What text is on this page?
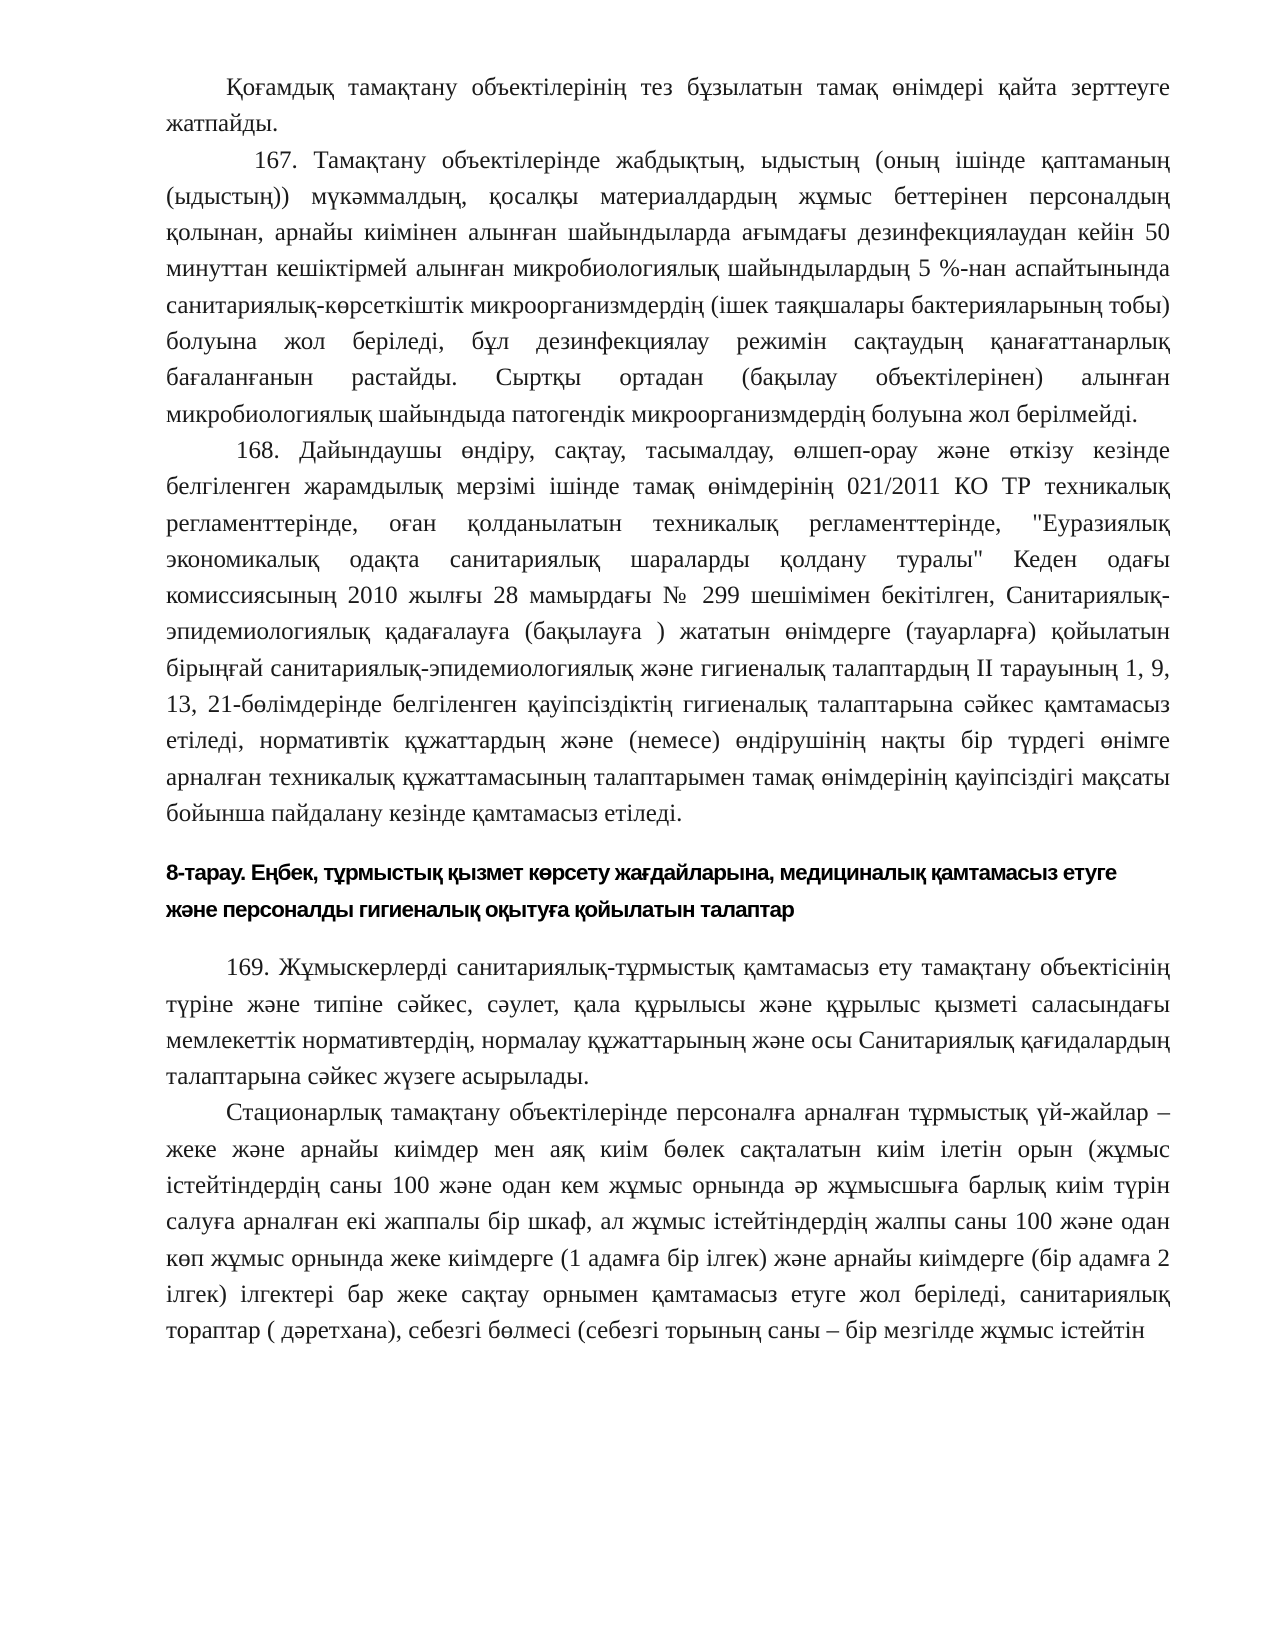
Қоғамдық тамақтану объектілерінің тез бұзылатын тамақ өнімдері қайта зерттеуге жатпайды.

167. Тамақтану объектілерінде жабдықтың, ыдыстың (оның ішінде қаптаманың (ыдыстың)) мүкәммалдың, қосалқы материалдардың жұмыс беттерінен персоналдың қолынан, арнайы киімінен алынған шайындыларда ағымдағы дезинфекциялаудан кейін 50 минуттан кешіктірмей алынған микробиологиялық шайындылардың 5 %-нан аспайтынында санитариялық-көрсеткіштік микроорганизмдердің (ішек таяқшалары бактерияларының тобы) болуына жол беріледі, бұл дезинфекциялау режимін сақтаудың қанағаттанарлық бағаланғанын растайды. Сыртқы ортадан (бақылау объектілерінен) алынған микробиологиялық шайындыда патогендік микроорганизмдердің болуына жол берілмейді.

168. Дайындаушы өндіру, сақтау, тасымалдау, өлшеп-орау және өткізу кезінде белгіленген жарамдылық мерзімі ішінде тамақ өнімдерінің 021/2011 КО ТР техникалық регламенттерінде, оған қолданылатын техникалық регламенттерінде, "Еуразиялық экономикалық одақта санитариялық шараларды қолдану туралы" Кеден одағы комиссиясының 2010 жылғы 28 мамырдағы № 299 шешімімен бекітілген, Санитариялық-эпидемиологиялық қадағалауға (бақылауға ) жататын өнімдерге (тауарларға) қойылатын бірыңғай санитариялық-эпидемиологиялық және гигиеналық талаптардың II тарауының 1, 9, 13, 21-бөлімдерінде белгіленген қауіпсіздіктің гигиеналық талаптарына сәйкес қамтамасыз етіледі, нормативтік құжаттардың және (немесе) өндірушінің нақты бір түрдегі өнімге арналған техникалық құжаттамасының талаптарымен тамақ өнімдерінің қауіпсіздігі мақсаты бойынша пайдалану кезінде қамтамасыз етіледі.

8-тарау. Еңбек, тұрмыстық қызмет көрсету жағдайларына, медициналық қамтамасыз етуге және персоналды гигиеналық оқытуға қойылатын талаптар

169. Жұмыскерлерді санитариялық-тұрмыстық қамтамасыз ету тамақтану объектісінің түріне және типіне сәйкес, сәулет, қала құрылысы және құрылыс қызметі саласындағы мемлекеттік нормативтердің, нормалау құжаттарының және осы Санитариялық қағидалардың талаптарына сәйкес жүзеге асырылады.

Стационарлық тамақтану объектілерінде персоналға арналған тұрмыстық үй-жайлар – жеке және арнайы киімдер мен аяқ киім бөлек сақталатын киім ілетін орын (жұмыс істейтіндердің саны 100 және одан кем жұмыс орнында әр жұмысшыға барлық киім түрін салуға арналған екі жаппалы бір шкаф, ал жұмыс істейтіндердің жалпы саны 100 және одан көп жұмыс орнында жеке киімдерге (1 адамға бір ілгек) және арнайы киімдерге (бір адамға 2 ілгек) ілгектері бар жеке сақтау орнымен қамтамасыз етуге жол беріледі, санитариялық тораптар ( дәретхана), себезгі бөлмесі (себезгі торының саны – бір мезгілде жұмыс істейтін
